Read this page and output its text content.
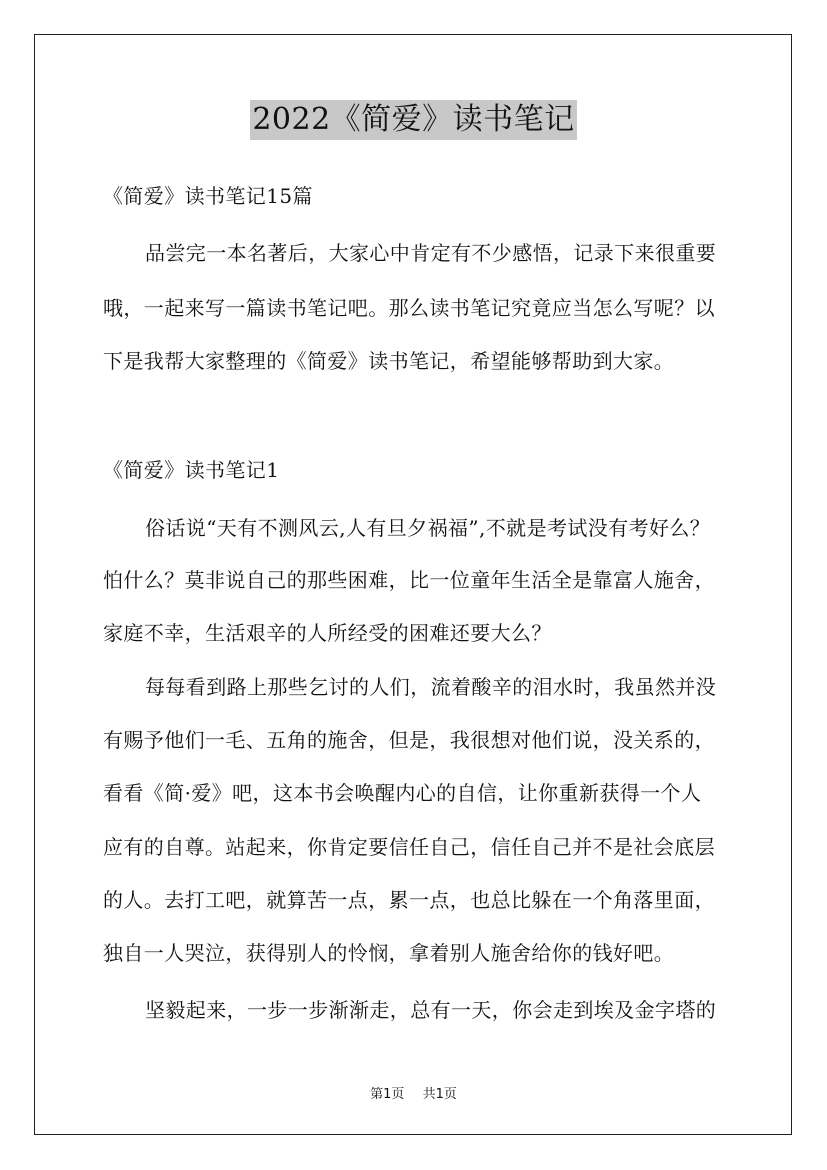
2022《简爱》读书笔记
《简爱》读书笔记15篇
品尝完一本名著后，大家心中肯定有不少感悟，记录下来很重要
哦，一起来写一篇读书笔记吧。那么读书笔记究竟应当怎么写呢？以
下是我帮大家整理的《简爱》读书笔记，希望能够帮助到大家。
《简爱》读书笔记1
俗话说“天有不测风云,人有旦夕祸福”,不就是考试没有考好么？
怕什么？莫非说自己的那些困难，比一位童年生活全是靠富人施舍，
家庭不幸，生活艰辛的人所经受的困难还要大么？
每每看到路上那些乞讨的人们，流着酸辛的泪水时，我虽然并没
有赐予他们一毛、五角的施舍，但是，我很想对他们说，没关系的，
看看《简·爱》吧，这本书会唤醒内心的自信，让你重新获得一个人
应有的自尊。站起来，你肯定要信任自己，信任自己并不是社会底层
的人。去打工吧，就算苦一点，累一点，也总比躲在一个角落里面，
独自一人哭泣，获得别人的怜悯，拿着别人施舍给你的钱好吧。
坚毅起来，一步一步渐渐走，总有一天，你会走到埃及金字塔的
第1页 共1页
